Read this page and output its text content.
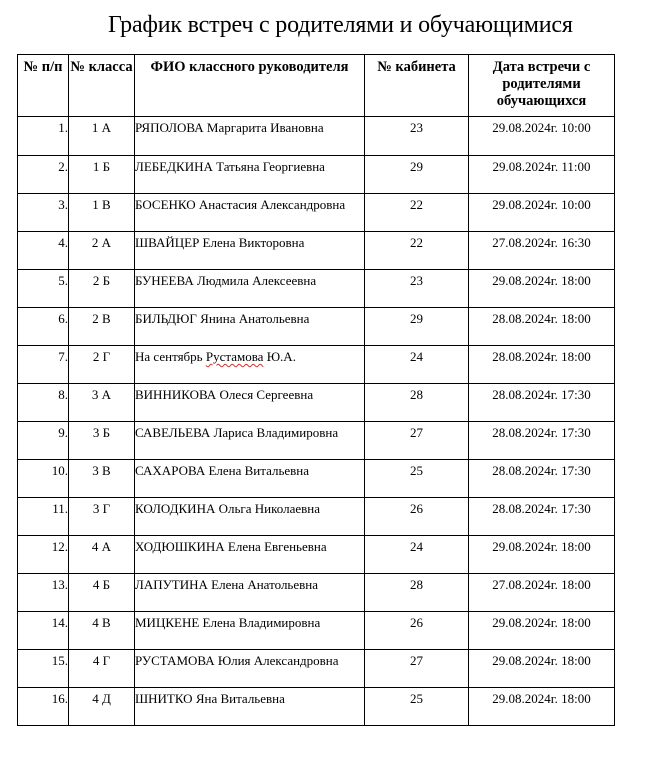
График встреч с родителями и обучающимися
№ п/п	№ класса	ФИО классного руководителя	№ кабинета	Дата встречи с родителями обучающихся
1.	1 А	РЯПОЛОВА Маргарита Ивановна	23	29.08.2024г. 10:00
2.	1 Б	ЛЕБЕДКИНА Татьяна Георгиевна	29	29.08.2024г. 11:00
3.	1 В	БОСЕНКО Анастасия Александровна	22	29.08.2024г. 10:00
4.	2 А	ШВАЙЦЕР Елена Викторовна	22	27.08.2024г. 16:30
5.	2 Б	БУНЕЕВА Людмила Алексеевна	23	29.08.2024г. 18:00
6.	2 В	БИЛЬДЮГ Янина Анатольевна	29	28.08.2024г. 18:00
7.	2 Г	На сентябрь Рустамова Ю.А.	24	28.08.2024г. 18:00
8.	3 А	ВИННИКОВА Олеся Сергеевна	28	28.08.2024г. 17:30
9.	3 Б	САВЕЛЬЕВА Лариса Владимировна	27	28.08.2024г. 17:30
10.	3 В	САХАРОВА Елена Витальевна	25	28.08.2024г. 17:30
11.	3 Г	КОЛОДКИНА Ольга Николаевна	26	28.08.2024г. 17:30
12.	4 А	ХОДЮШКИНА Елена Евгеньевна	24	29.08.2024г. 18:00
13.	4 Б	ЛАПУТИНА Елена Анатольевна	28	27.08.2024г. 18:00
14.	4 В	МИЦКЕНЕ Елена Владимировна	26	29.08.2024г. 18:00
15.	4 Г	РУСТАМОВА Юлия Александровна	27	29.08.2024г. 18:00
16.	4 Д	ШНИТКО Яна Витальевна	25	29.08.2024г. 18:00
